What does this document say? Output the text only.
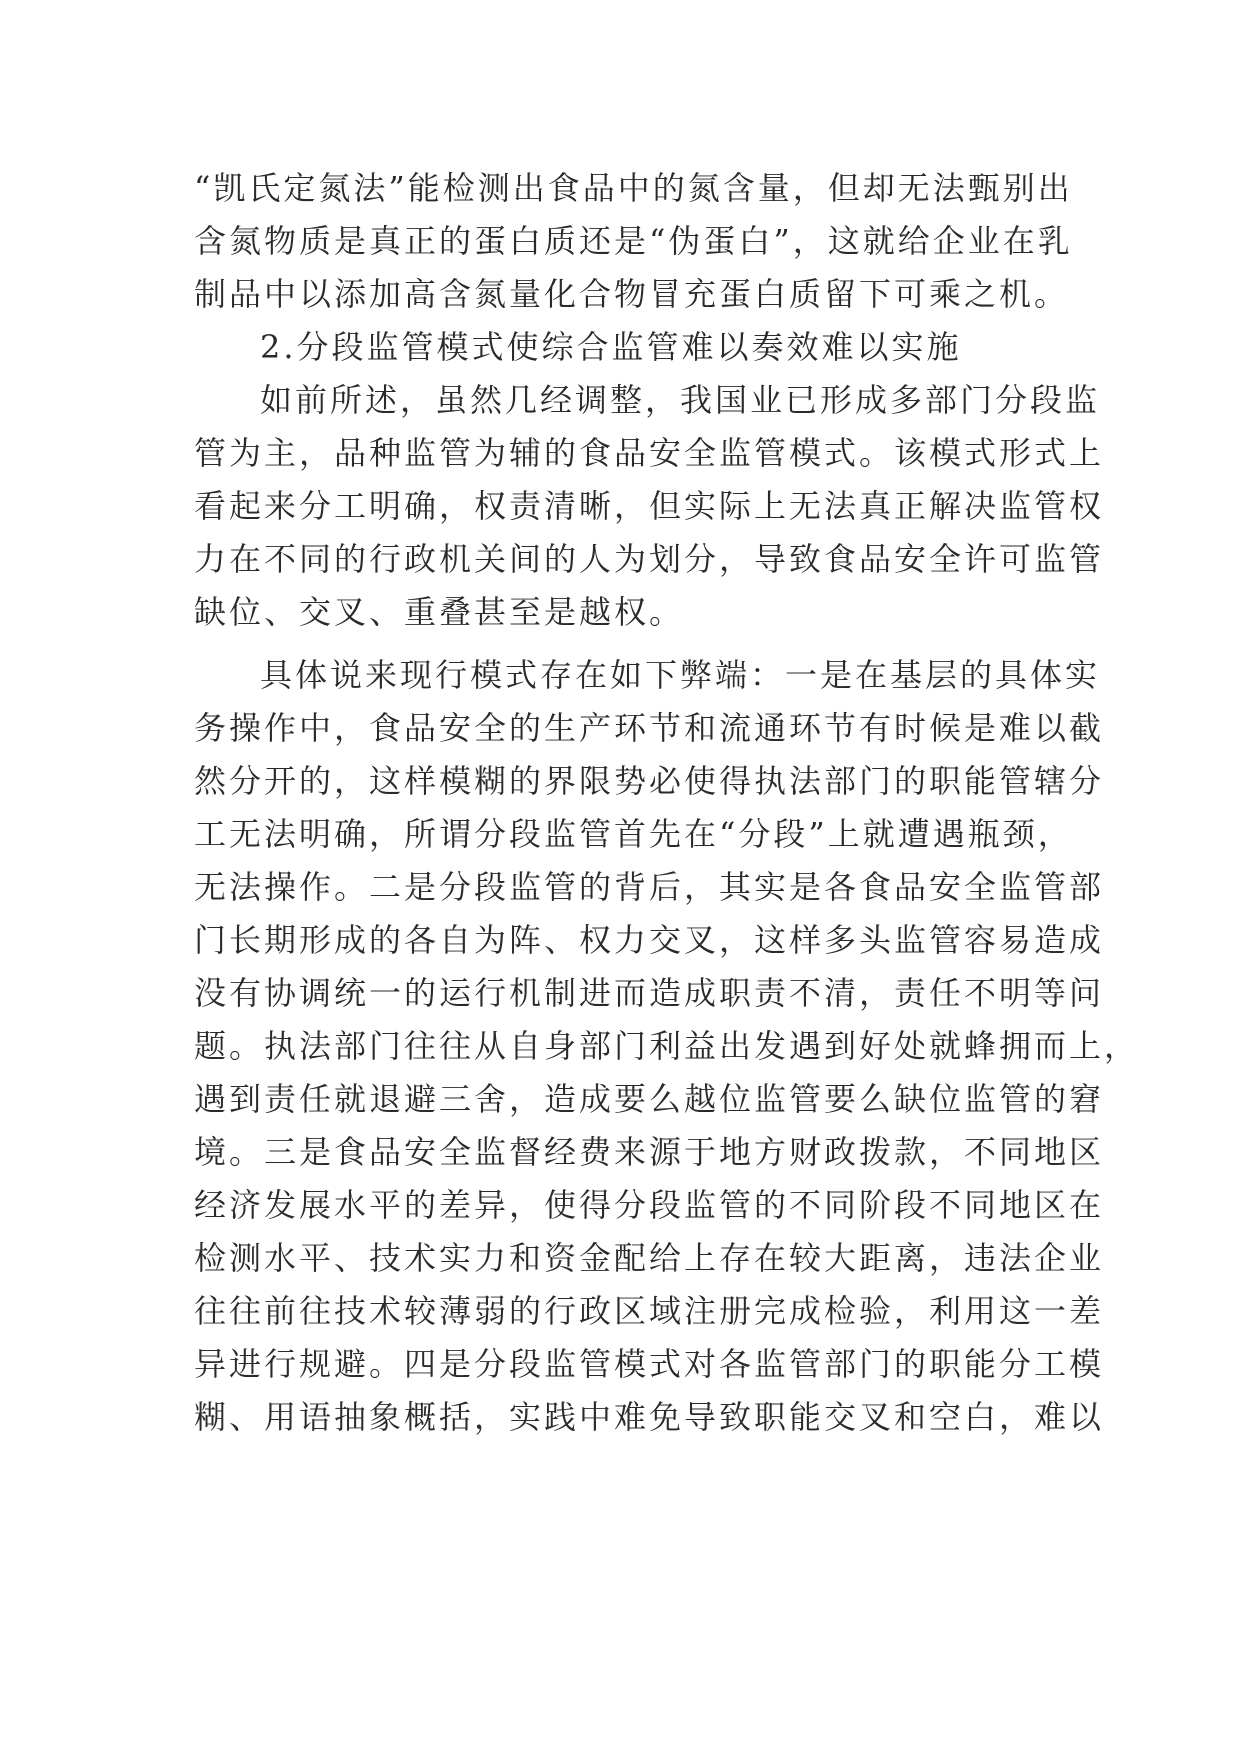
“凯氏定氮法”能检测出食品中的氮含量，但却无法甄别出
含氮物质是真正的蛋白质还是“伪蛋白”，这就给企业在乳
制品中以添加高含氮量化合物冒充蛋白质留下可乘之机。
2.分段监管模式使综合监管难以奏效难以实施
如前所述，虽然几经调整，我国业已形成多部门分段监
管为主，品种监管为辅的食品安全监管模式。该模式形式上
看起来分工明确，权责清晰，但实际上无法真正解决监管权
力在不同的行政机关间的人为划分，导致食品安全许可监管
缺位、交叉、重叠甚至是越权。
具体说来现行模式存在如下弊端：一是在基层的具体实
务操作中，食品安全的生产环节和流通环节有时候是难以截
然分开的，这样模糊的界限势必使得执法部门的职能管辖分
工无法明确，所谓分段监管首先在“分段”上就遭遇瓶颈，
无法操作。二是分段监管的背后，其实是各食品安全监管部
门长期形成的各自为阵、权力交叉，这样多头监管容易造成
没有协调统一的运行机制进而造成职责不清，责任不明等问
题。执法部门往往从自身部门利益出发遇到好处就蜂拥而上，
遇到责任就退避三舍，造成要么越位监管要么缺位监管的窘
境。三是食品安全监督经费来源于地方财政拨款，不同地区
经济发展水平的差异，使得分段监管的不同阶段不同地区在
检测水平、技术实力和资金配给上存在较大距离，违法企业
往往前往技术较薄弱的行政区域注册完成检验，利用这一差
异进行规避。四是分段监管模式对各监管部门的职能分工模
糊、用语抽象概括，实践中难免导致职能交叉和空白，难以
